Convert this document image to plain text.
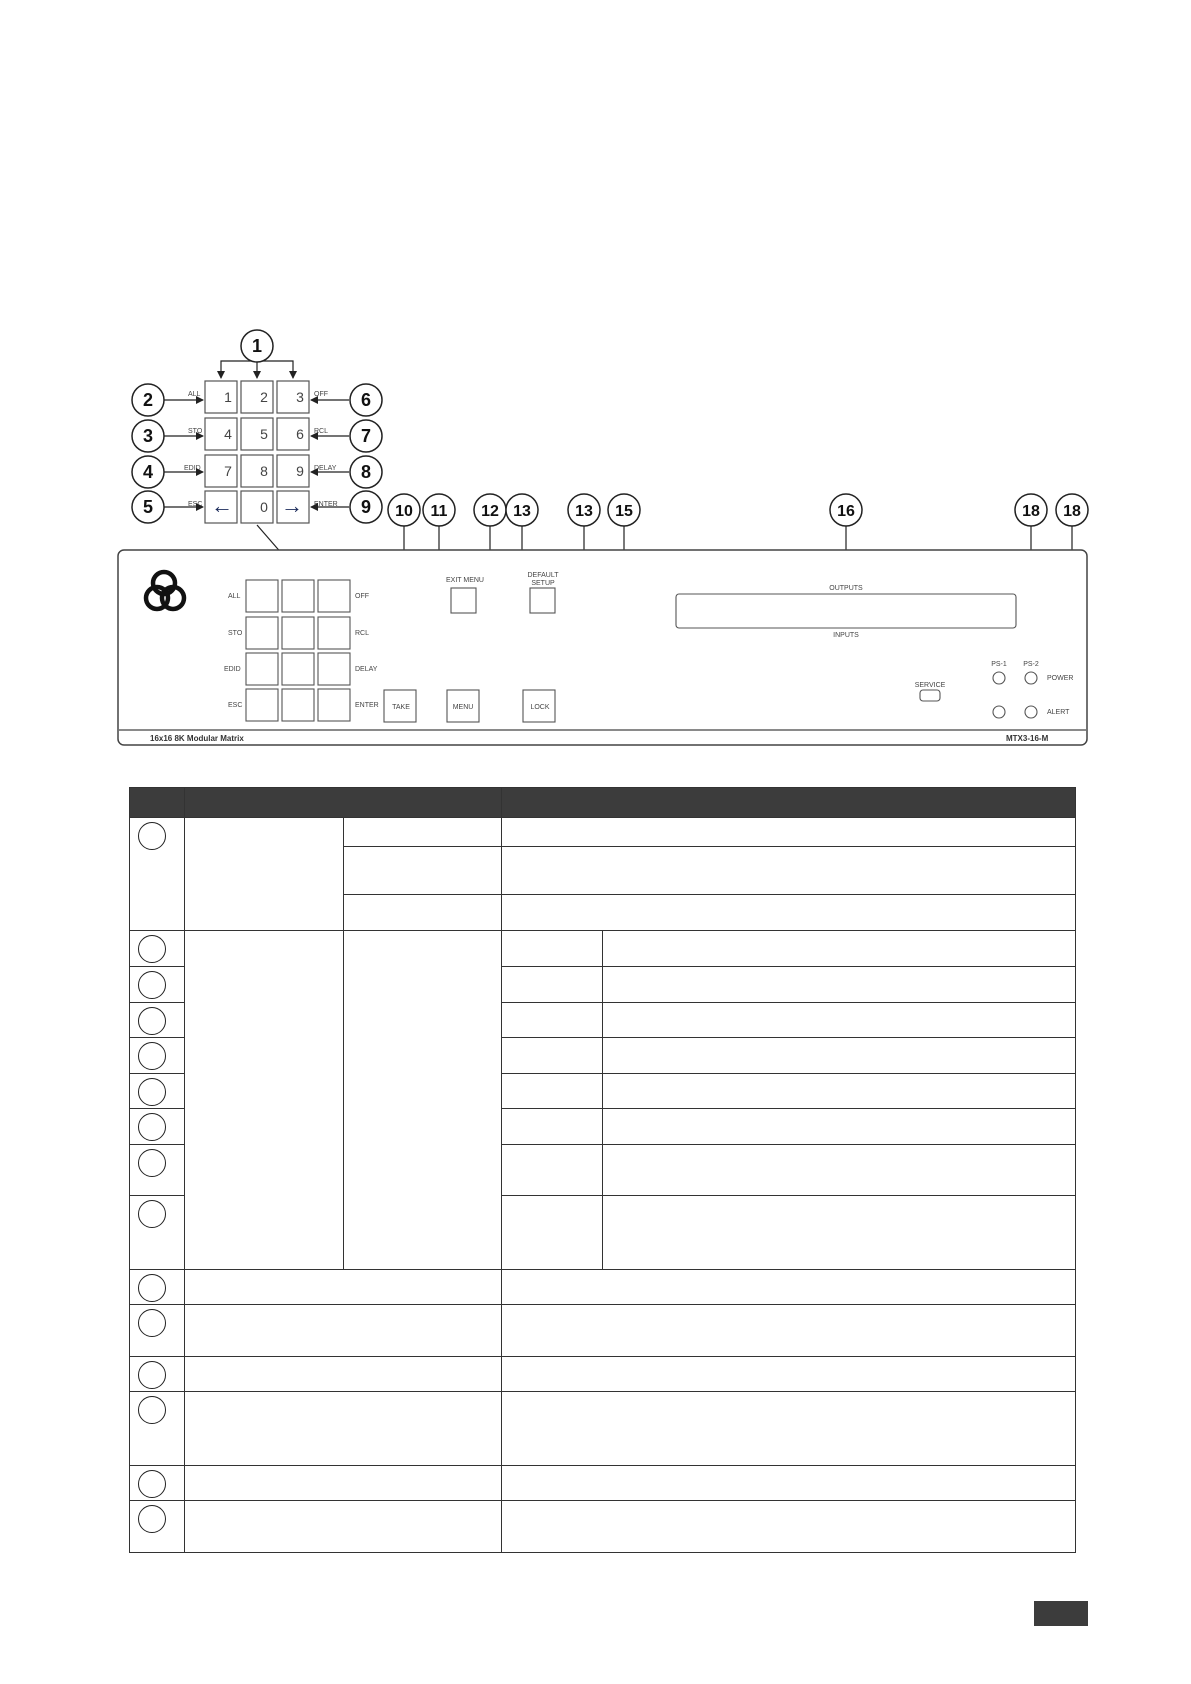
1 2 3
4 5 6
7 8 9
← 0 →
ALL
STO
EDID
ESC
OFF
RCL
DELAY
ENTER
1
2
3
4
5
6
7
8
9 10 11 12 13	13 15	16	18 18
ALL
STO
EDID
ESC
OFF
RCL
DELAY
ENTER
EXIT MENU
DEFAULT
SETUP
TAKE	MENU	LOCK
OUTPUTS
INPUTS
SERVICE
PS-1 PS-2
POWER
ALERT
16x16 8K Modular Matrix	MTX3-16-M
